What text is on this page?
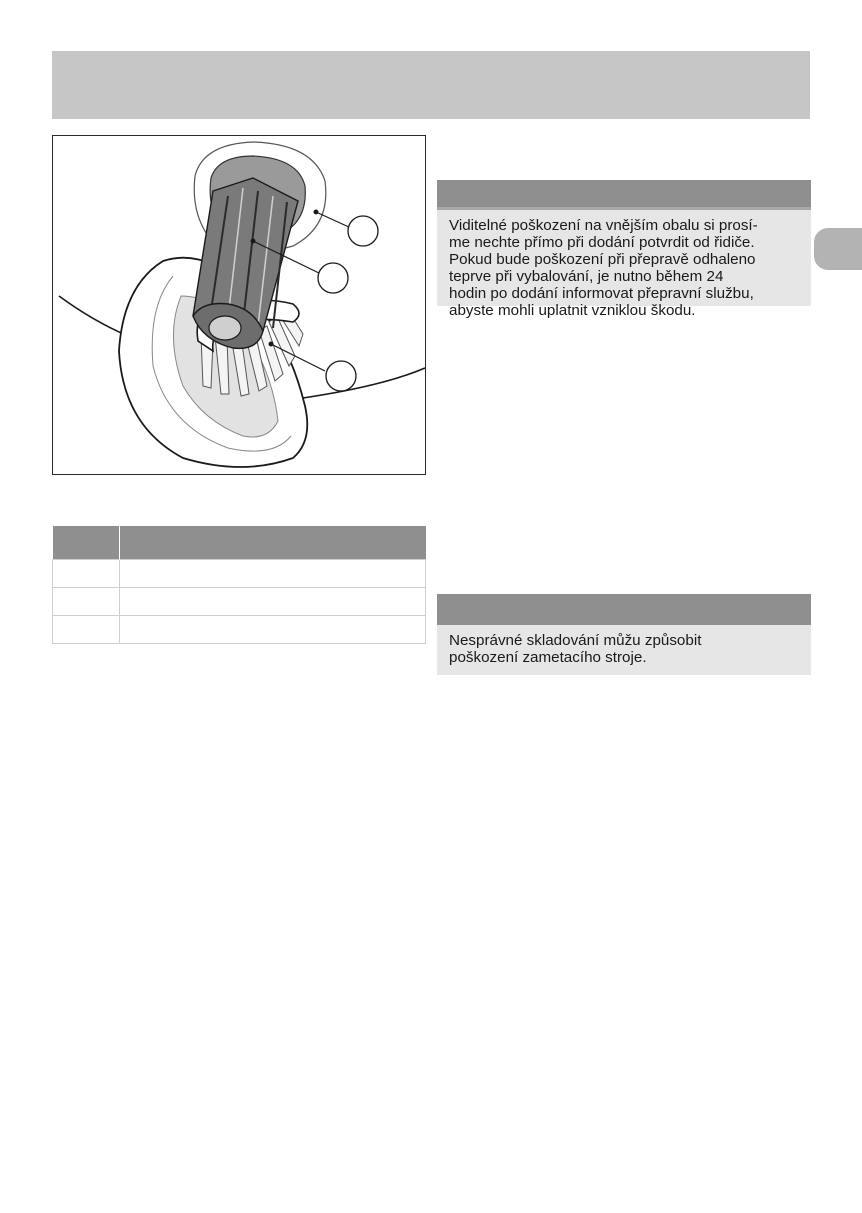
Viditelné poškození na vnějším obalu si prosí-
me nechte přímo při dodání potvrdit od řidiče.
Pokud bude poškození při přepravě odhaleno
teprve při vybalování, je nutno během 24
hodin po dodání informovat přepravní službu,
abyste mohli uplatnit vzniklou škodu.
Nesprávné skladování můžu způsobit
poškození zametacího stroje.
